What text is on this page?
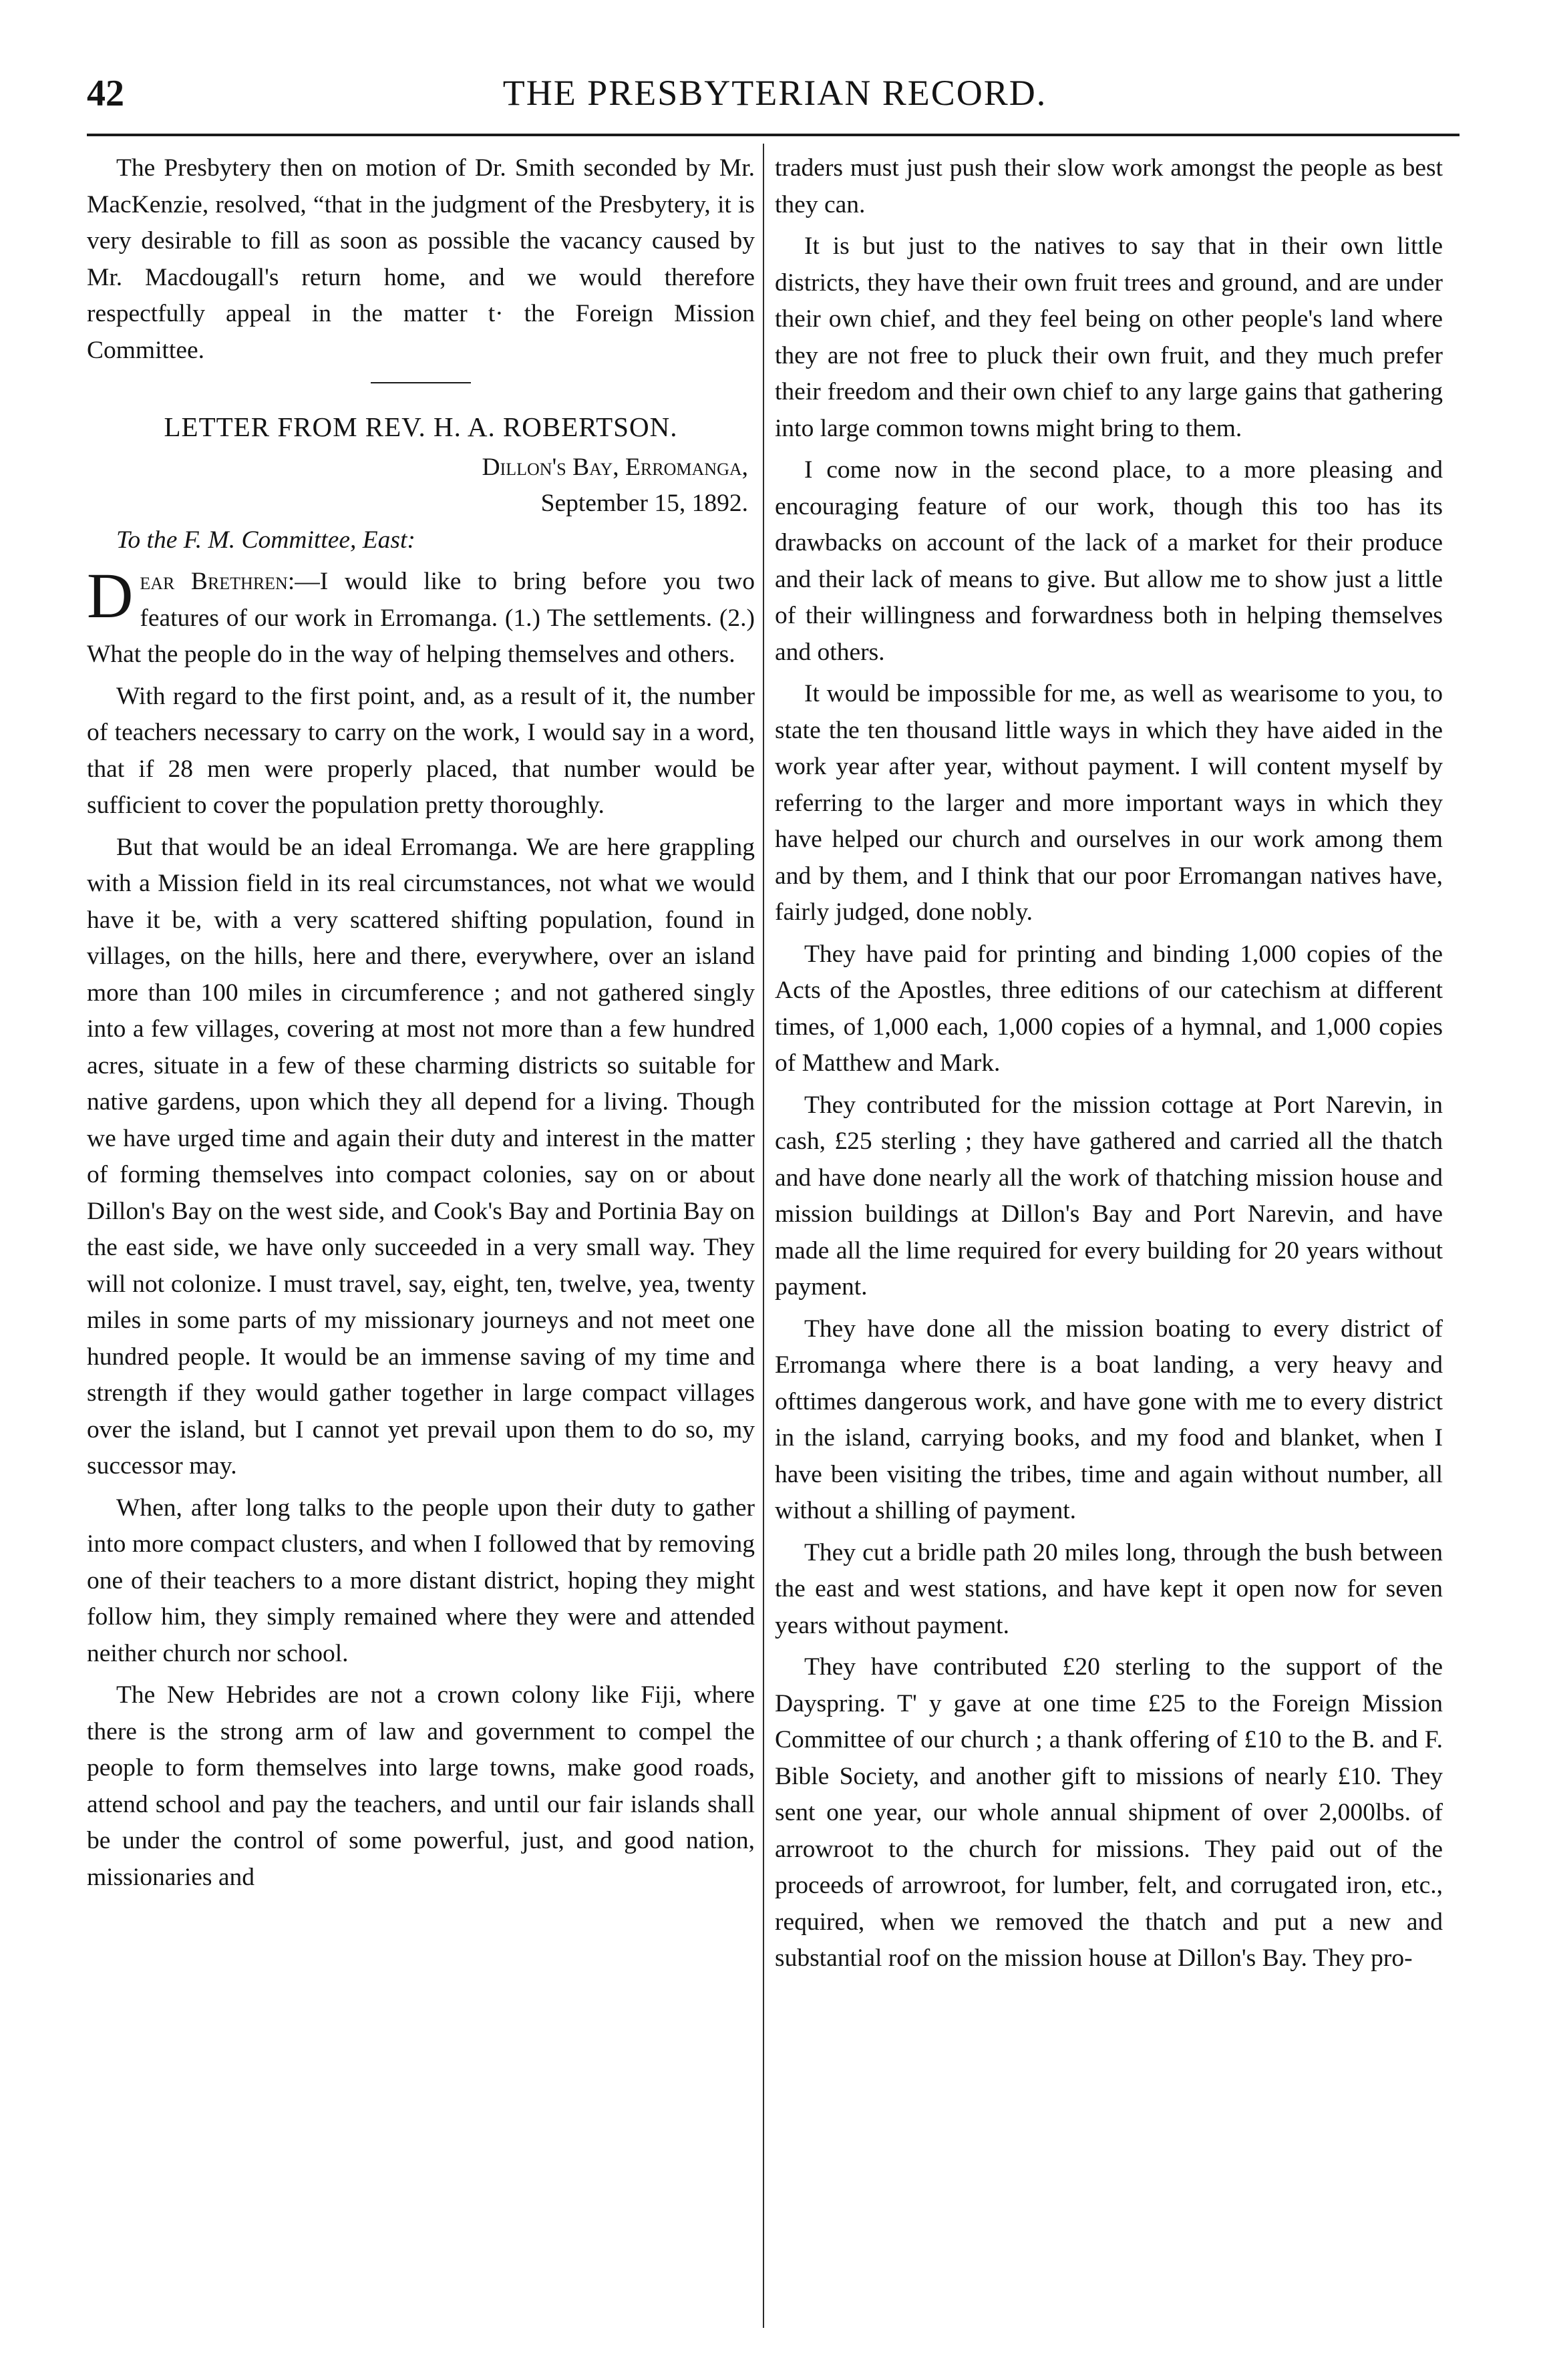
42	THE PRESBYTERIAN RECORD.

The Presbytery then on motion of Dr. Smith seconded by Mr. MacKenzie, resolved, “that in the judgment of the Presbytery, it is very desirable to fill as soon as possible the vacancy caused by Mr. Macdougall's return home, and we would therefore respectfully appeal in the matter t· the Foreign Mission Committee.

LETTER FROM REV. H. A. ROBERTSON.
Dillon's Bay, Erromanga,
September 15, 1892.

To the F. M. Committee, East:

Dear Brethren:—I would like to bring before you two features of our work in Erromanga. (1.) The settlements. (2.) What the people do in the way of helping themselves and others.

With regard to the first point, and, as a result of it, the number of teachers necessary to carry on the work, I would say in a word, that if 28 men were properly placed, that number would be sufficient to cover the population pretty thoroughly.

But that would be an ideal Erromanga. We are here grappling with a Mission field in its real circumstances, not what we would have it be, with a very scattered shifting population, found in villages, on the hills, here and there, everywhere, over an island more than 100 miles in circumference ; and not gathered singly into a few villages, covering at most not more than a few hundred acres, situate in a few of these charming districts so suitable for native gardens, upon which they all depend for a living. Though we have urged time and again their duty and interest in the matter of forming themselves into compact colonies, say on or about Dillon's Bay on the west side, and Cook's Bay and Portinia Bay on the east side, we have only succeeded in a very small way. They will not colonize. I must travel, say, eight, ten, twelve, yea, twenty miles in some parts of my missionary journeys and not meet one hundred people. It would be an immense saving of my time and strength if they would gather together in large compact villages over the island, but I cannot yet prevail upon them to do so, my successor may.

When, after long talks to the people upon their duty to gather into more compact clusters, and when I followed that by removing one of their teachers to a more distant district, hoping they might follow him, they simply remained where they were and attended neither church nor school.

The New Hebrides are not a crown colony like Fiji, where there is the strong arm of law and government to compel the people to form themselves into large towns, make good roads, attend school and pay the teachers, and until our fair islands shall be under the control of some powerful, just, and good nation, missionaries and

traders must just push their slow work amongst the people as best they can.

It is but just to the natives to say that in their own little districts, they have their own fruit trees and ground, and are under their own chief, and they feel being on other people's land where they are not free to pluck their own fruit, and they much prefer their freedom and their own chief to any large gains that gathering into large common towns might bring to them.

I come now in the second place, to a more pleasing and encouraging feature of our work, though this too has its drawbacks on account of the lack of a market for their produce and their lack of means to give. But allow me to show just a little of their willingness and forwardness both in helping themselves and others.

It would be impossible for me, as well as wearisome to you, to state the ten thousand little ways in which they have aided in the work year after year, without payment. I will content myself by referring to the larger and more important ways in which they have helped our church and ourselves in our work among them and by them, and I think that our poor Erromangan natives have, fairly judged, done nobly.

They have paid for printing and binding 1,000 copies of the Acts of the Apostles, three editions of our catechism at different times, of 1,000 each, 1,000 copies of a hymnal, and 1,000 copies of Matthew and Mark.

They contributed for the mission cottage at Port Narevin, in cash, £25 sterling ; they have gathered and carried all the thatch and have done nearly all the work of thatching mission house and mission buildings at Dillon's Bay and Port Narevin, and have made all the lime required for every building for 20 years without payment.

They have done all the mission boating to every district of Erromanga where there is a boat landing, a very heavy and ofttimes dangerous work, and have gone with me to every district in the island, carrying books, and my food and blanket, when I have been visiting the tribes, time and again without number, all without a shilling of payment.

They cut a bridle path 20 miles long, through the bush between the east and west stations, and have kept it open now for seven years without payment.

They have contributed £20 sterling to the support of the Dayspring. T' y gave at one time £25 to the Foreign Mission Committee of our church ; a thank offering of £10 to the B. and F. Bible Society, and another gift to missions of nearly £10. They sent one year, our whole annual shipment of over 2,000lbs. of arrowroot to the church for missions. They paid out of the proceeds of arrowroot, for lumber, felt, and corrugated iron, etc., required, when we removed the thatch and put a new and substantial roof on the mission house at Dillon's Bay. They pro-
